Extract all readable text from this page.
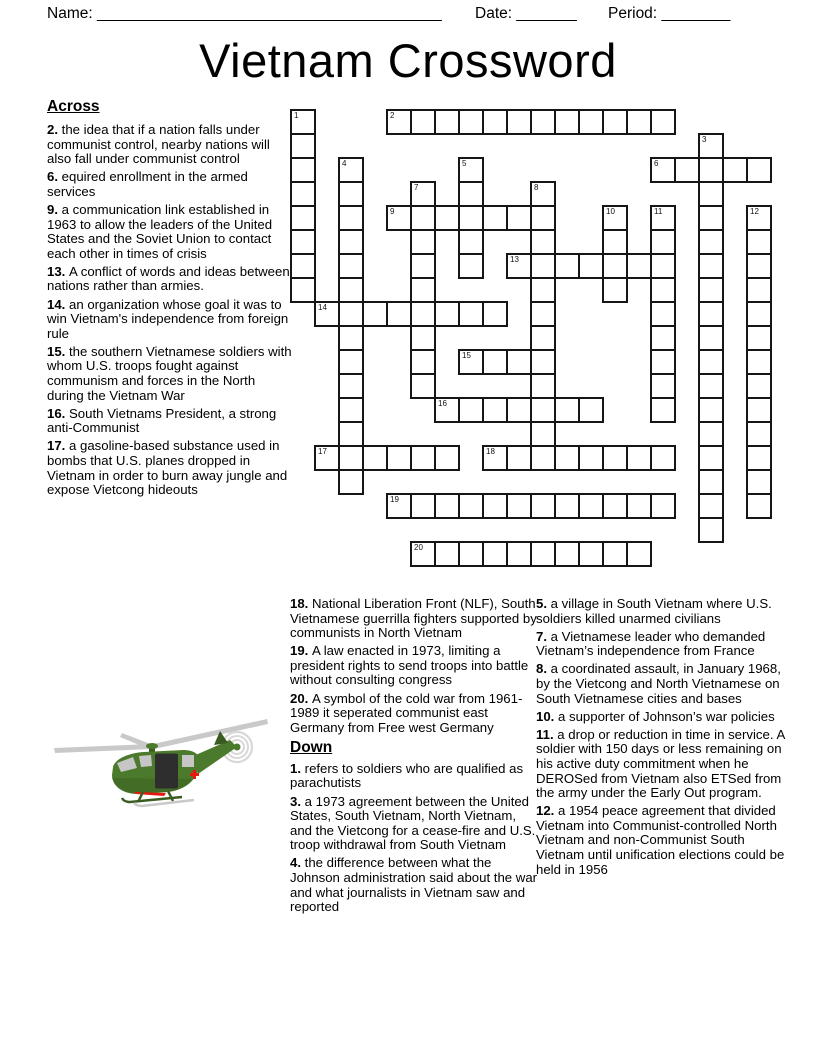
Name: ________________________________________ Date: _______ Period: ________
Vietnam Crossword
Across

2. the idea that if a nation falls under communist control, nearby nations will also fall under communist control

6. equired enrollment in the armed services

9. a communication link established in 1963 to allow the leaders of the United States and the Soviet Union to contact each other in times of crisis

13. A conflict of words and ideas between nations rather than armies.

14. an organization whose goal it was to win Vietnam's independence from foreign rule

15. the southern Vietnamese soldiers with whom U.S. troops fought against communism and forces in the North during the Vietnam War

16. South Vietnams President, a strong anti-Communist

17. a gasoline-based substance used in bombs that U.S. planes dropped in Vietnam in order to burn away jungle and expose Vietcong hideouts

1	2
3
4	5	6
7	8
9	10	11	12
13
14
15
16
17	18
19
20

18. National Liberation Front (NLF), South Vietnamese guerrilla fighters supported by communists in North Vietnam

19. A law enacted in 1973, limiting a president rights to send troops into battle without consulting congress

20. A symbol of the cold war from 1961-1989 it seperated communist east Germany from Free west Germany

Down

1. refers to soldiers who are qualified as parachutists

3. a 1973 agreement between the United States, South Vietnam, North Vietnam, and the Vietcong for a cease-fire and U.S. troop withdrawal from South Vietnam

4. the difference between what the Johnson administration said about the war and what journalists in Vietnam saw and reported

5. a village in South Vietnam where U.S. soldiers killed unarmed civilians

7. a Vietnamese leader who demanded Vietnam’s independence from France

8. a coordinated assault, in January 1968, by the Vietcong and North Vietnamese on South Vietnamese cities and bases

10. a supporter of Johnson’s war policies

11. a drop or reduction in time in service. A soldier with 150 days or less remaining on his active duty commitment when he DEROSed from Vietnam also ETSed from the army under the Early Out program.

12. a 1954 peace agreement that divided Vietnam into Communist-controlled North Vietnam and non-Communist South Vietnam until unification elections could be held in 1956
